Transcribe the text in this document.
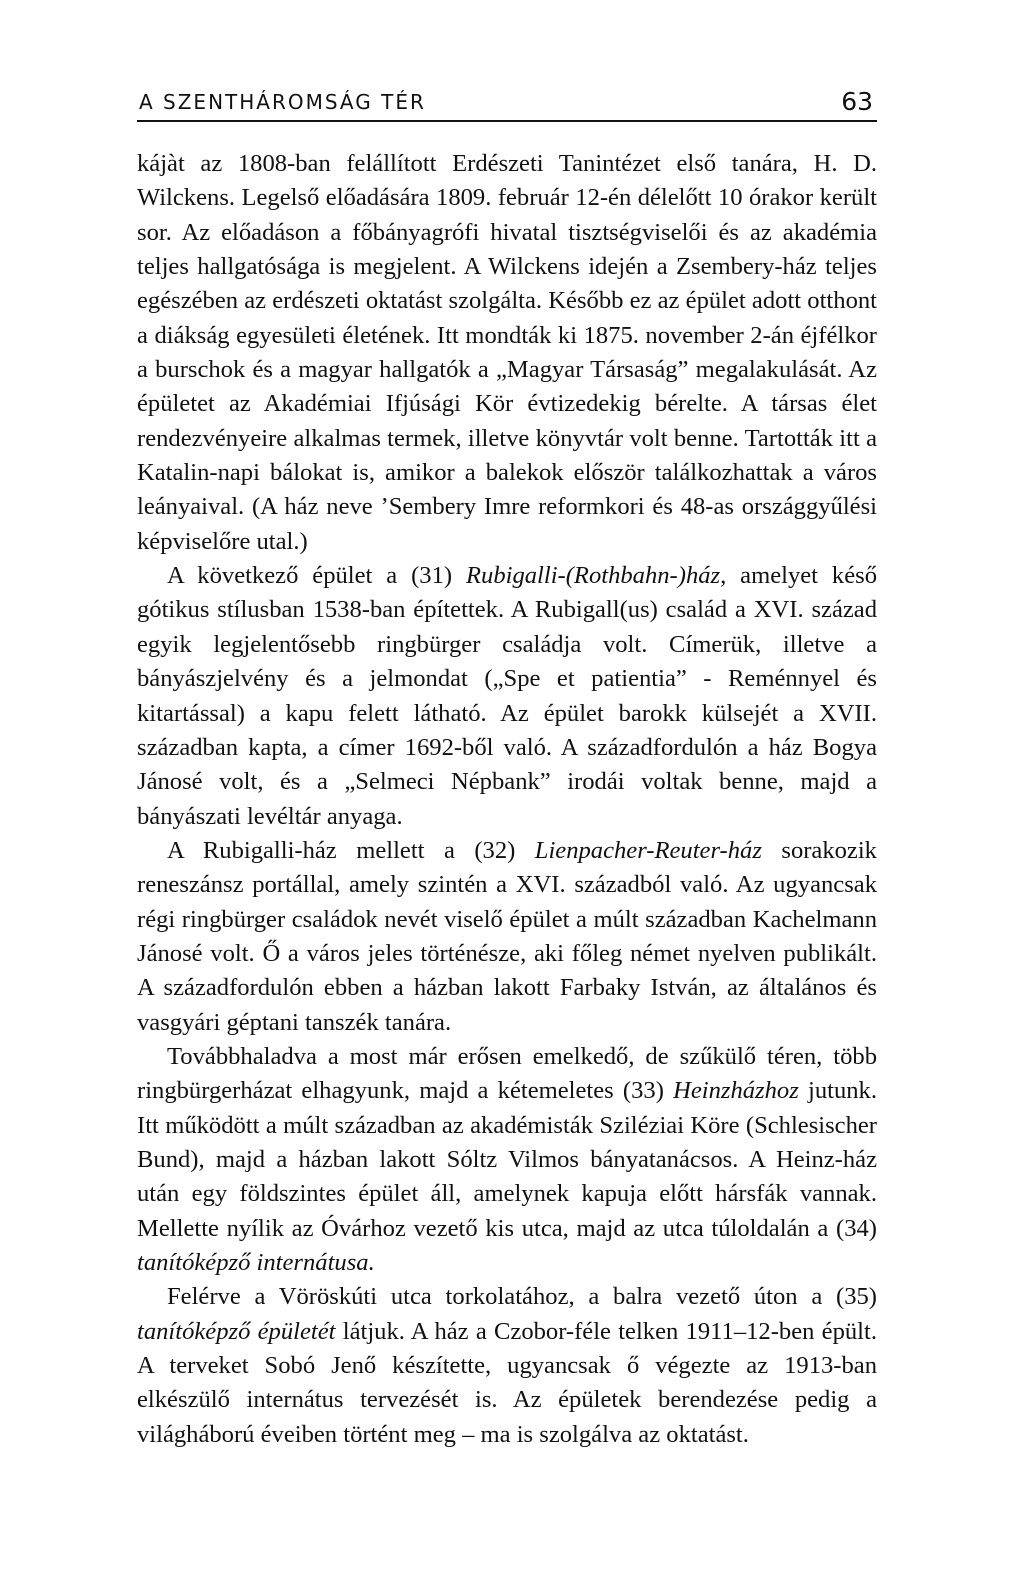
A SZENTHÁROMSÁG TÉR	63

kájàt az 1808-ban felállított Erdészeti Tanintézet első tanára, H. D. Wilckens. Legelső előadására 1809. február 12-én délelőtt 10 órakor került sor. Az előadáson a főbányagrófi hivatal tisztségviselői és az akadémia teljes hallgatósága is megjelent. A Wilckens idején a Zsembery-ház teljes egészében az erdészeti oktatást szolgálta. Később ez az épület adott otthont a diákság egyesületi életének. Itt mondták ki 1875. november 2-án éjfélkor a burschok és a magyar hallgatók a „Magyar Társaság” megalakulását. Az épületet az Akadémiai Ifjúsági Kör évtizedekig bérelte. A társas élet rendezvényeire alkalmas termek, illetve könyvtár volt benne. Tartották itt a Katalin-napi bálokat is, amikor a balekok először találkozhattak a város leányaival. (A ház neve ’Sembery Imre reformkori és 48-as országgyűlési képviselőre utal.)

A következő épület a (31) Rubigalli-(Rothbahn-)ház, amelyet késő gótikus stílusban 1538-ban építettek. A Rubigall(us) család a XVI. század egyik legjelentősebb ringbürger családja volt. Címerük, illetve a bányászjelvény és a jelmondat („Spe et patientia” - Reménnyel és kitartással) a kapu felett látható. Az épület barokk külsejét a XVII. században kapta, a címer 1692-ből való. A századfordulón a ház Bogya Jánosé volt, és a „Selmeci Népbank” irodái voltak benne, majd a bányászati levéltár anyaga.

A Rubigalli-ház mellett a (32) Lienpacher-Reuter-ház sorakozik reneszánsz portállal, amely szintén a XVI. századból való. Az ugyancsak régi ringbürger családok nevét viselő épület a múlt században Kachelmann Jánosé volt. Ő a város jeles történésze, aki főleg német nyelven publikált. A századfordulón ebben a házban lakott Farbaky István, az általános és vasgyári géptani tanszék tanára.

Továbbhaladva a most már erősen emelkedő, de szűkülő téren, több ringbürgerházat elhagyunk, majd a kétemeletes (33) Heinzházhoz jutunk. Itt működött a múlt században az akadémisták Sziléziai Köre (Schlesischer Bund), majd a házban lakott Sóltz Vilmos bányatanácsos. A Heinz-ház után egy földszintes épület áll, amelynek kapuja előtt hársfák vannak. Mellette nyílik az Óvárhoz vezető kis utca, majd az utca túloldalán a (34) tanítóképző internátusa.

Felérve a Vöröskúti utca torkolatához, a balra vezető úton a (35) tanítóképző épületét látjuk. A ház a Czobor-féle telken 1911–12-ben épült. A terveket Sobó Jenő készítette, ugyancsak ő végezte az 1913-ban elkészülő internátus tervezését is. Az épületek berendezése pedig a világháború éveiben történt meg – ma is szolgálva az oktatást.
